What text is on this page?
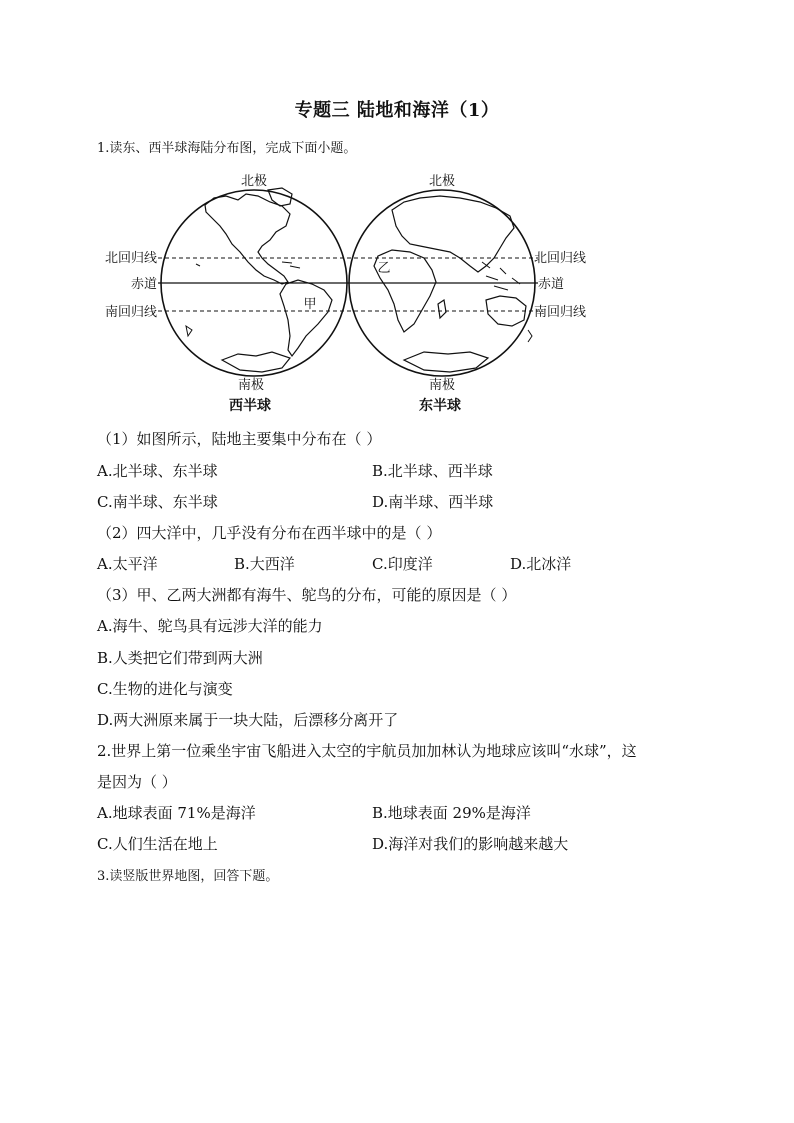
专题三 陆地和海洋（1）
1.读东、西半球海陆分布图，完成下面小题。
北极	北极
北回归线
赤道
南回归线
北回归线
赤道
南回归线
甲
乙
南极	南极
西半球	东半球
（1）如图所示，陆地主要集中分布在（ ）
A.北半球、东半球	B.北半球、西半球
C.南半球、东半球	D.南半球、西半球
（2）四大洋中，几乎没有分布在西半球中的是（ ）
A.太平洋	B.大西洋	C.印度洋	D.北冰洋
（3）甲、乙两大洲都有海牛、鸵鸟的分布，可能的原因是（ ）
A.海牛、鸵鸟具有远涉大洋的能力
B.人类把它们带到两大洲
C.生物的进化与演变
D.两大洲原来属于一块大陆，后漂移分离开了
2.世界上第一位乘坐宇宙飞船进入太空的宇航员加加林认为地球应该叫“水球”，这
是因为（ ）
A.地球表面 71%是海洋	B.地球表面 29%是海洋
C.人们生活在地上	D.海洋对我们的影响越来越大
3.读竖版世界地图，回答下题。
